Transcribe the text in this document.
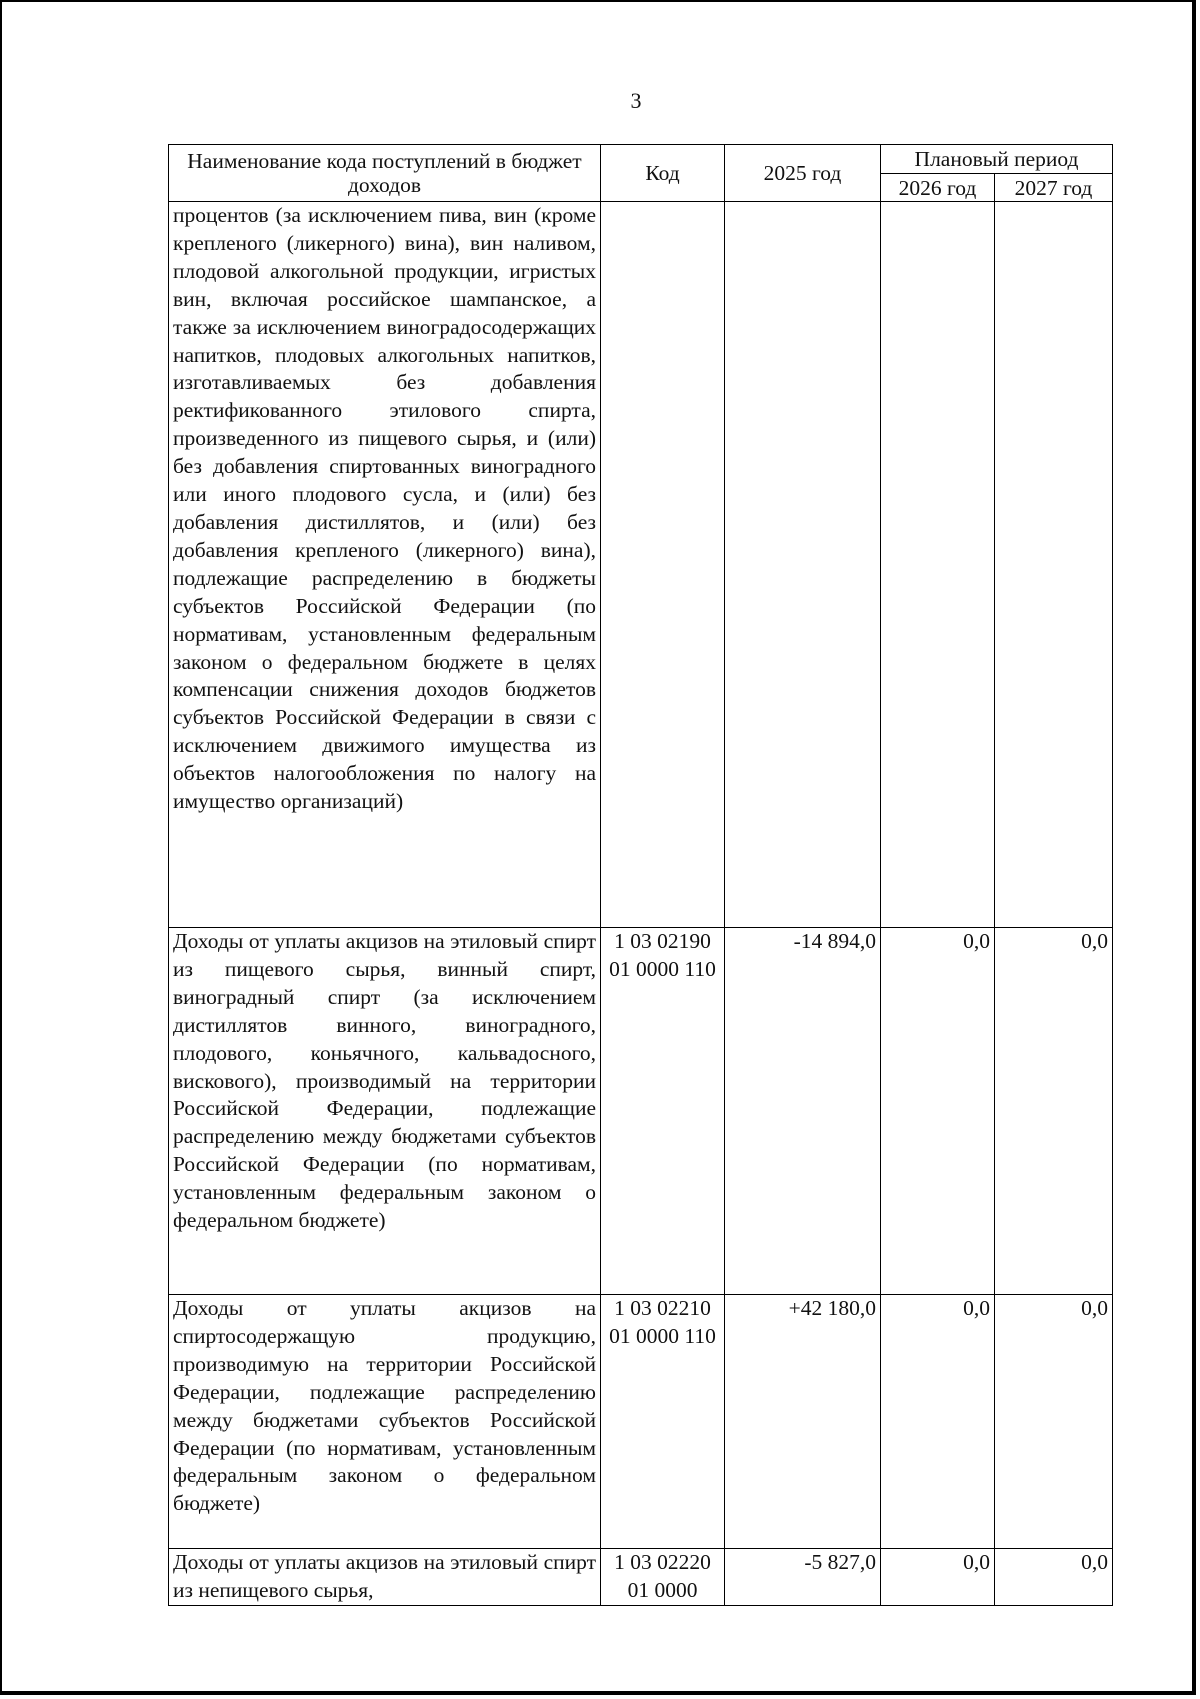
3
Наименование кода поступлений в бюджет доходов	Код	2025 год	Плановый период	
			2026 год	2027 год
процентов (за исключением пива, вин (кроме крепленого (ликерного) вина), вин наливом, плодовой алкогольной продукции, игристых вин, включая российское шампанское, а также за исключением виноградосодержащих напитков, плодовых алкогольных напитков, изготавливаемых без добавления ректификованного этилового спирта, произведенного из пищевого сырья, и (или) без добавления спиртованных виноградного или иного плодового сусла, и (или) без добавления дистиллятов, и (или) без добавления крепленого (ликерного) вина), подлежащие распределению в бюджеты субъектов Российской Федерации (по нормативам, установленным федеральным законом о федеральном бюджете в целях компенсации снижения доходов бюджетов субъектов Российской Федерации в связи с исключением движимого имущества из объектов налогообложения по налогу на имущество организаций)				
Доходы от уплаты акцизов на этиловый спирт из пищевого сырья, винный спирт, виноградный спирт (за исключением дистиллятов винного, виноградного, плодового, коньячного, кальвадосного, вискового), производимый на территории Российской Федерации, подлежащие распределению между бюджетами субъектов Российской Федерации (по нормативам, установленным федеральным законом о федеральном бюджете)	1 03 02190 01 0000 110	-14 894,0	0,0	0,0
Доходы от уплаты акцизов на спиртосодержащую продукцию, производимую на территории Российской Федерации, подлежащие распределению между бюджетами субъектов Российской Федерации (по нормативам, установленным федеральным законом о федеральном бюджете)	1 03 02210 01 0000 110	+42 180,0	0,0	0,0
Доходы от уплаты акцизов на этиловый спирт из непищевого сырья,	1 03 02220 01 0000	-5 827,0	0,0	0,0
